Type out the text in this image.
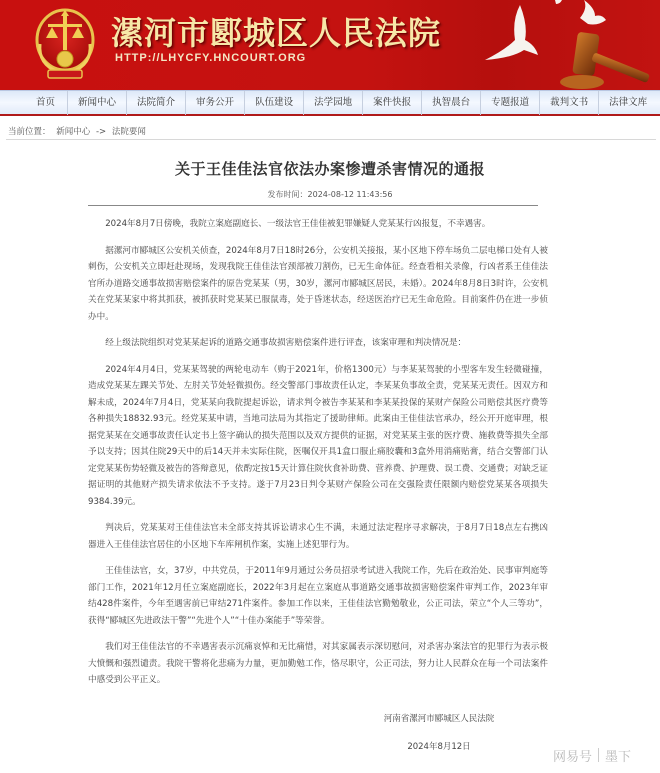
漯河市郾城区人民法院
HTTP://LHYCFY.HNCOURT.ORG
首页	新闻中心	法院简介	审务公开	队伍建设	法学园地	案件快报	执智晨台	专题报道	裁判文书	法律文库
当前位置： 新闻中心 -> 法院要闻
关于王佳佳法官依法办案惨遭杀害情况的通报
发布时间：2024-08-12 11:43:56

2024年8月7日傍晚，我院立案庭副庭长、一级法官王佳佳被犯罪嫌疑人党某某行凶报复，不幸遇害。

据漯河市郾城区公安机关侦查，2024年8月7日18时26分，公安机关接报，某小区地下停车场负二层电梯口处有人被刺伤，公安机关立即赶赴现场，发现我院王佳佳法官颈部被刀割伤，已无生命体征。经查看相关录像，行凶者系王佳佳法官所办道路交通事故损害赔偿案件的原告党某某（男，30岁，漯河市郾城区居民，未婚）。2024年8月8日3时许，公安机关在党某某家中将其抓获，被抓获时党某某已服鼠毒，处于昏迷状态，经送医治疗已无生命危险。目前案件仍在进一步侦办中。

经上级法院组织对党某某起诉的道路交通事故损害赔偿案件进行评查，该案审理和判决情况是：

2024年4月4日，党某某驾驶的两轮电动车（购于2021年，价格1300元）与李某某驾驶的小型客车发生轻微碰撞，造成党某某左踝关节处、左肘关节处轻微损伤。经交警部门事故责任认定，李某某负事故全责，党某某无责任。因双方和解未成，2024年7月4日，党某某向我院提起诉讼，请求判令被告李某某和李某某投保的某财产保险公司赔偿其医疗费等各种损失18832.93元。经党某某申请，当地司法局为其指定了援助律师。此案由王佳佳法官承办，经公开开庭审理，根据党某某在交通事故责任认定书上签字确认的损失范围以及双方提供的证据，对党某某主张的医疗费、施救费等损失全部予以支持；因其住院29天中的后14天并未实际住院，医嘱仅开具1盒口服止痛胶囊和3盒外用消痛贴膏，结合交警部门认定党某某伤势轻微及被告的答辩意见，依酌定按15天计算住院伙食补助费、营养费、护理费、误工费、交通费；对缺乏证据证明的其他财产损失请求依法不予支持。遂于7月23日判令某财产保险公司在交强险责任限额内赔偿党某某各项损失9384.39元。

判决后，党某某对王佳佳法官未全部支持其诉讼请求心生不满，未通过法定程序寻求解决，于8月7日18点左右携凶器进入王佳佳法官居住的小区地下车库闸机作案，实施上述犯罪行为。

王佳佳法官，女，37岁，中共党员，于2011年9月通过公务员招录考试进入我院工作，先后在政治处、民事审判庭等部门工作，2021年12月任立案庭副庭长，2022年3月起在立案庭从事道路交通事故损害赔偿案件审判工作，2023年审结428件案件，今年至遇害前已审结271件案件。参加工作以来，王佳佳法官勤勉敬业，公正司法，荣立“个人三等功”，获得“郾城区先进政法干警”“先进个人”“十佳办案能手”等荣誉。

我们对王佳佳法官的不幸遇害表示沉痛哀悼和无比痛惜，对其家属表示深切慰问，对杀害办案法官的犯罪行为表示极大愤慨和强烈谴责。我院干警将化悲痛为力量，更加勤勉工作，恪尽职守，公正司法，努力让人民群众在每一个司法案件中感受到公平正义。

河南省漯河市郾城区人民法院
2024年8月12日
网易号 墨下
